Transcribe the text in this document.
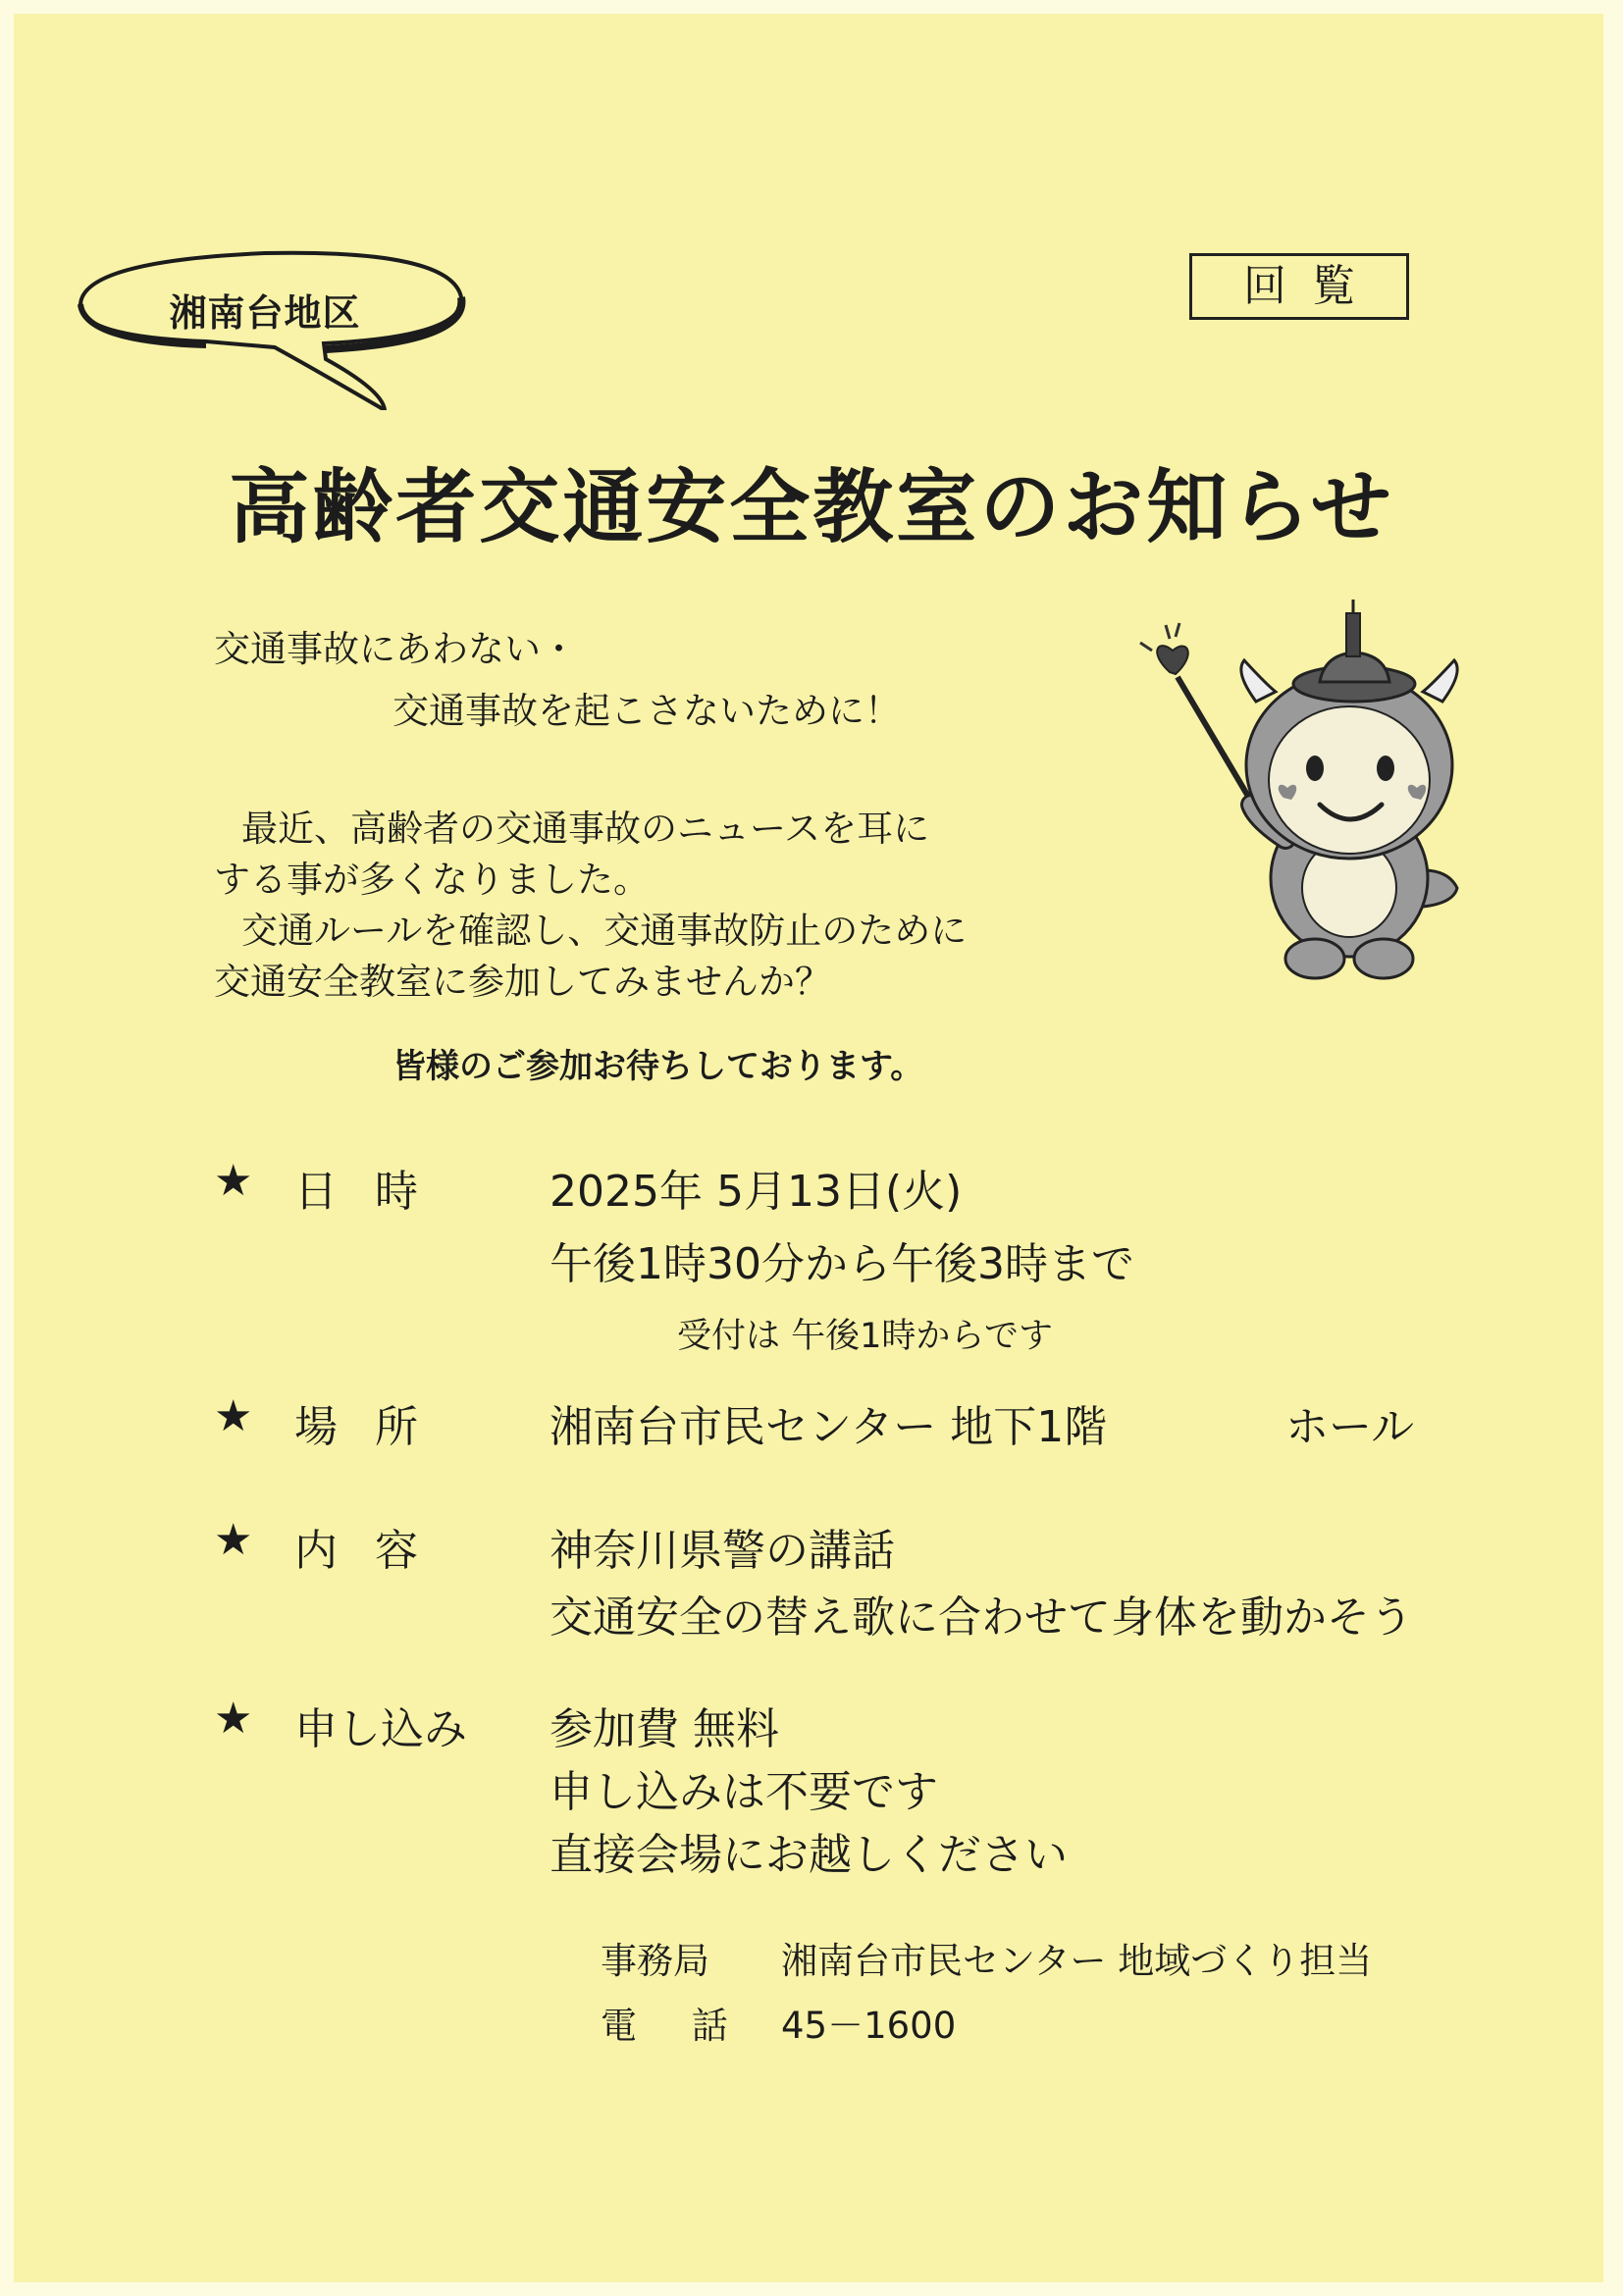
湘南台地区
回覧
高齢者交通安全教室のお知らせ
交通事故にあわない・
交通事故を起こさないために！
最近、高齢者の交通事故のニュースを耳に
する事が多くなりました。
交通ルールを確認し、交通事故防止のために
交通安全教室に参加してみませんか？
皆様のご参加お待ちしております。
★ 日 時	2025年 5月13日(火)
午後1時30分から午後3時まで
受付は 午後1時からです
★ 場 所	湘南台市民センター 地下1階	ホール
★ 内 容	神奈川県警の講話
交通安全の替え歌に合わせて身体を動かそう
★ 申し込み 参加費 無料
申し込みは不要です
直接会場にお越しください
事務局 湘南台市民センター 地域づくり担当
電 話 45－1600
